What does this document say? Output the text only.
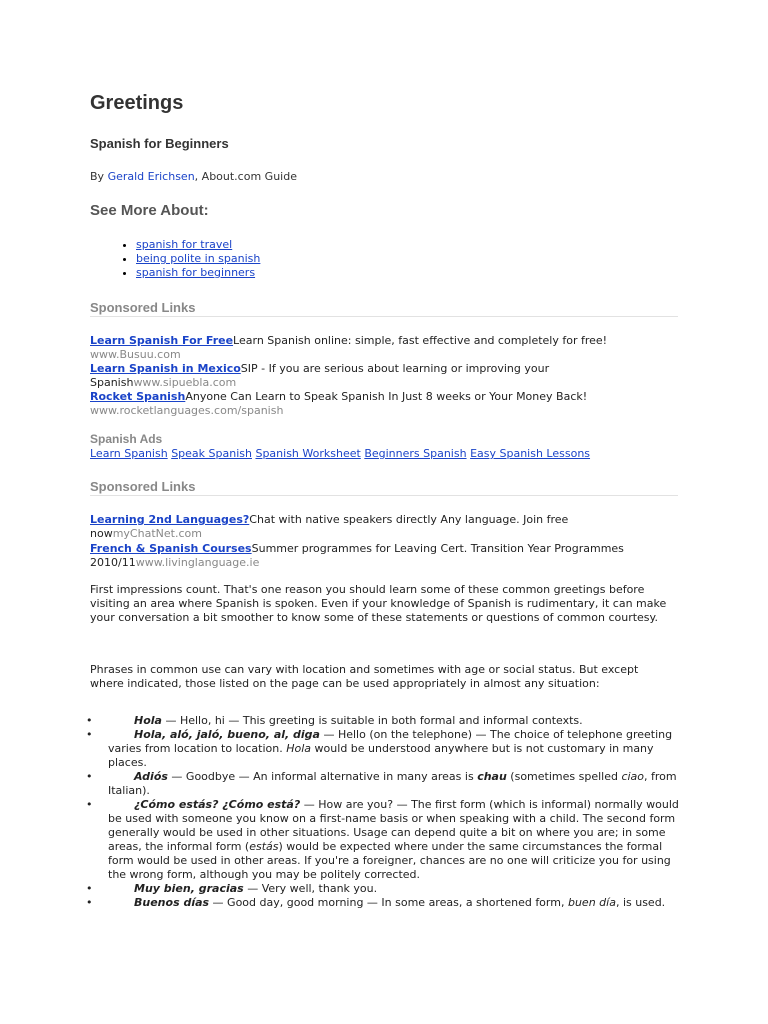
Greetings
Spanish for Beginners
By Gerald Erichsen, About.com Guide
See More About:
• spanish for travel
• being polite in spanish
• spanish for beginners
Sponsored Links
Learn Spanish For FreeLearn Spanish online: simple, fast effective and completely for free!
www.Busuu.com
Learn Spanish in MexicoSIP - If you are serious about learning or improving your Spanishwww.sipuebla.com
Rocket SpanishAnyone Can Learn to Speak Spanish In Just 8 weeks or Your Money Back!
www.rocketlanguages.com/spanish
Spanish Ads
Learn Spanish Speak Spanish Spanish Worksheet Beginners Spanish Easy Spanish Lessons
Sponsored Links
Learning 2nd Languages?Chat with native speakers directly Any language. Join free nowmyChatNet.com
French & Spanish CoursesSummer programmes for Leaving Cert. Transition Year Programmes 2010/11www.livinglanguage.ie
First impressions count. That's one reason you should learn some of these common greetings before visiting an area where Spanish is spoken. Even if your knowledge of Spanish is rudimentary, it can make your conversation a bit smoother to know some of these statements or questions of common courtesy.
Phrases in common use can vary with location and sometimes with age or social status. But except where indicated, those listed on the page can be used appropriately in almost any situation:
•	Hola — Hello, hi — This greeting is suitable in both formal and informal contexts.
•	Hola, aló, jaló, bueno, al, diga — Hello (on the telephone) — The choice of telephone greeting varies from location to location. Hola would be understood anywhere but is not customary in many places.
•	Adiós — Goodbye — An informal alternative in many areas is chau (sometimes spelled ciao, from Italian).
•	¿Cómo estás? ¿Cómo está? — How are you? — The first form (which is informal) normally would be used with someone you know on a first-name basis or when speaking with a child. The second form generally would be used in other situations. Usage can depend quite a bit on where you are; in some areas, the informal form (estás) would be expected where under the same circumstances the formal form would be used in other areas. If you're a foreigner, chances are no one will criticize you for using the wrong form, although you may be politely corrected.
•	Muy bien, gracias — Very well, thank you.
•	Buenos días — Good day, good morning — In some areas, a shortened form, buen día, is used.
